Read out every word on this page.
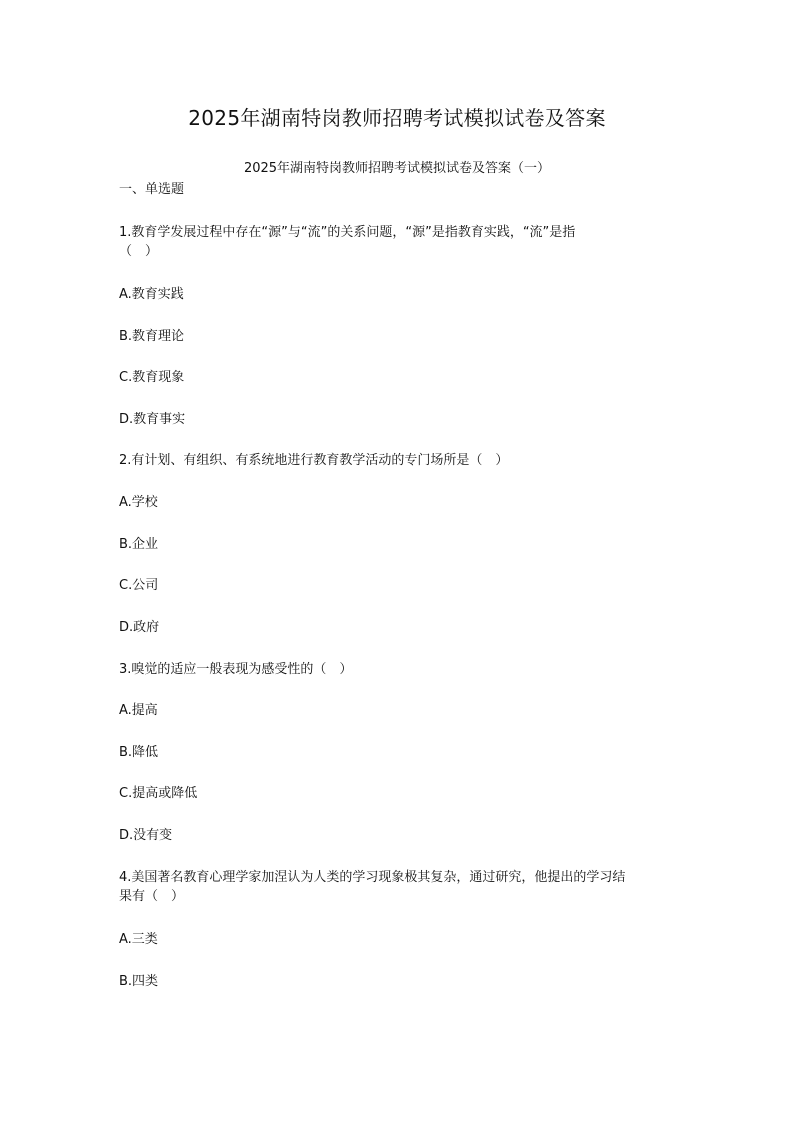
2025年湖南特岗教师招聘考试模拟试卷及答案
2025年湖南特岗教师招聘考试模拟试卷及答案（一）
一、单选题
1.教育学发展过程中存在“源”与“流”的关系问题，“源”是指教育实践，“流”是指
（　）
A.教育实践
B.教育理论
C.教育现象
D.教育事实
2.有计划、有组织、有系统地进行教育教学活动的专门场所是（　）
A.学校
B.企业
C.公司
D.政府
3.嗅觉的适应一般表现为感受性的（　）
A.提高
B.降低
C.提高或降低
D.没有变
4.美国著名教育心理学家加涅认为人类的学习现象极其复杂，通过研究，他提出的学习结
果有（　）
A.三类
B.四类
